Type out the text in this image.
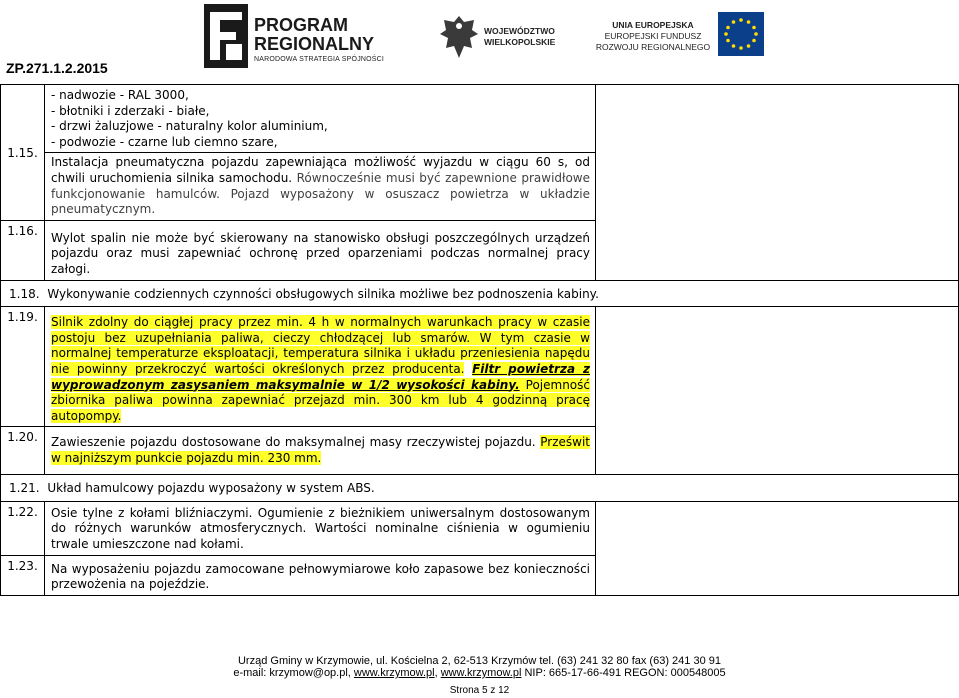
PROGRAM
REGIONALNY
NARODOWA STRATEGIA SPÓJNOŚCI
WOJEWÓDZTWO
WIELKOPOLSKIE
UNIA EUROPEJSKA
EUROPEJSKI FUNDUSZ
ROZWOJU REGIONALNEGO
ZP.271.1.2.2015
1.15.	- nadwozie - RAL 3000,
- błotniki i zderzaki - białe,
- drzwi żaluzjowe - naturalny kolor aluminium,
- podwozie - czarne lub ciemno szare,	

	Instalacja pneumatyczna pojazdu zapewniająca możliwość wyjazdu w ciągu 60 s, od chwili uruchomienia silnika samochodu. Równocześnie musi być zapewnione prawidłowe funkcjonowanie hamulców. Pojazd wyposażony w osuszacz powietrza w układzie pneumatycznym.	
1.16.	Wylot spalin nie może być skierowany na stanowisko obsługi poszczególnych urządzeń pojazdu oraz musi zapewniać ochronę przed oparzeniami podczas normalnej pracy załogi.	
1.18. Wykonywanie codziennych czynności obsługowych silnika możliwe bez podnoszenia kabiny.		
1.19.	Silnik zdolny do ciągłej pracy przez min. 4 h w normalnych warunkach pracy w czasie postoju bez uzupełniania paliwa, cieczy chłodzącej lub smarów. W tym czasie w normalnej temperaturze eksploatacji, temperatura silnika i układu przeniesienia napędu nie powinny przekroczyć wartości określonych przez producenta. Filtr powietrza z wyprowadzonym zasysaniem maksymalnie w 1/2 wysokości kabiny. Pojemność zbiornika paliwa powinna zapewniać przejazd min. 300 km lub 4 godzinną pracę autopompy.	
1.20.	Zawieszenie pojazdu dostosowane do maksymalnej masy rzeczywistej pojazdu. Prześwit w najniższym punkcie pojazdu min. 230 mm.	
1.21. Układ hamulcowy pojazdu wyposażony w system ABS.		
1.22.	Osie tylne z kołami bliźniaczymi. Ogumienie z bieżnikiem uniwersalnym dostosowanym do różnych warunków atmosferycznych. Wartości nominalne ciśnienia w ogumieniu trwale umieszczone nad kołami.	
1.23.	Na wyposażeniu pojazdu zamocowane pełnowymiarowe koło zapasowe bez konieczności przewożenia na pojeździe.	
Urząd Gminy w Krzymowie, ul. Kościelna 2, 62-513 Krzymów tel. (63) 241 32 80 fax (63) 241 30 91
e-mail: krzymow@op.pl, www.krzymow.pl, www.krzymow.pl NIP: 665-17-66-491 REGON: 000548005
Strona 5 z 12
